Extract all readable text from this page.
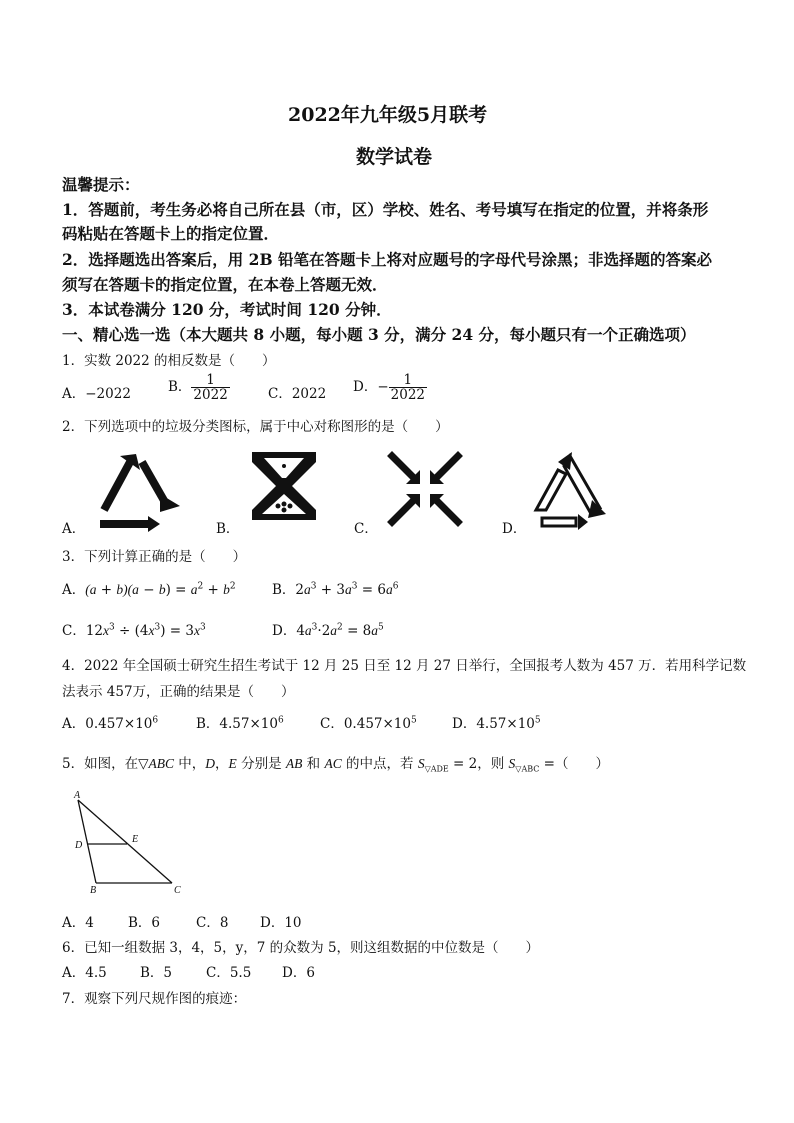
2022年九年级5月联考
数学试卷
温馨提示：
1．答题前，考生务必将自己所在县（市，区）学校、姓名、考号填写在指定的位置，并将条形
码粘贴在答题卡上的指定位置．
2．选择题选出答案后，用 2B 铅笔在答题卡上将对应题号的字母代号涂黑；非选择题的答案必
须写在答题卡的指定位置，在本卷上答题无效．
3．本试卷满分 120 分，考试时间 120 分钟．
一、精心选一选（本大题共 8 小题，每小题 3 分，满分 24 分，每小题只有一个正确选项）
1．实数 2022 的相反数是（　　）
A．−2022	B． $\frac{1}{2022}$	C．2022 D．− $\frac{1}{2022}$
2．下列选项中的垃圾分类图标，属于中心对称图形的是（　　）
A．	B．	C．	D．
3．下列计算正确的是（　　）
A．$(a + b)(a - b) = a^2 + b^2$	B．$2a^3 + 3a^3 = 6a^6$
C．$12x^3 \div (4x^3) = 3x^3$	D．$4a^3\cdot 2a^2 = 8a^5$
4．2022 年全国硕士研究生招生考试于 12 月 25 日至 12 月 27 日举行，全国报考人数为 457 万．若用科学记数
法表示 457万，正确的结果是（　　）
A．$0.457\times 10^6$	B．$4.57\times 10^6$	C．$0.457\times 10^5$	D．$4.57\times 10^5$
5．如图，在▽ABC 中，D，E 分别是 AB 和 AC 的中点，若 $S_{▽ADE} = 2$，则 $S_{▽ABC}$ =（　　）
A
B	C
D
E
A．4	B．6	C．8 D．10
6．已知一组数据 3，4，5，y，7 的众数为 5，则这组数据的中位数是（　　）
A．4.5 B．5	C．5.5 D．6
7．观察下列尺规作图的痕迹：
